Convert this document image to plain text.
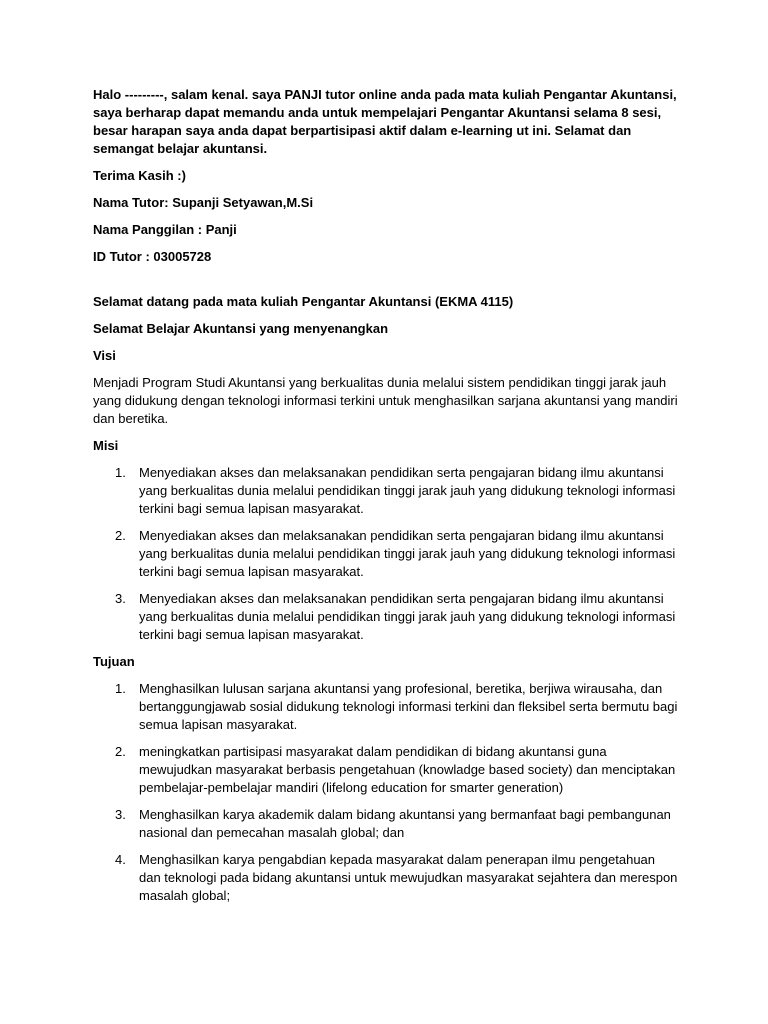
Halo ---------, salam kenal. saya PANJI tutor online anda pada mata kuliah Pengantar Akuntansi, saya berharap dapat memandu anda untuk mempelajari Pengantar Akuntansi selama 8 sesi, besar harapan saya anda dapat berpartisipasi aktif dalam e-learning ut ini. Selamat dan semangat belajar akuntansi.

Terima Kasih :)

Nama Tutor: Supanji Setyawan,M.Si

Nama Panggilan : Panji

ID Tutor : 03005728

Selamat datang pada mata kuliah Pengantar Akuntansi (EKMA 4115)

Selamat Belajar Akuntansi yang menyenangkan

Visi

Menjadi Program Studi Akuntansi yang berkualitas dunia melalui sistem pendidikan tinggi jarak jauh yang didukung dengan teknologi informasi terkini untuk menghasilkan sarjana akuntansi yang mandiri dan beretika.

Misi

1. Menyediakan akses dan melaksanakan pendidikan serta pengajaran bidang ilmu akuntansi yang berkualitas dunia melalui pendidikan tinggi jarak jauh yang didukung teknologi informasi terkini bagi semua lapisan masyarakat.
2. Menyediakan akses dan melaksanakan pendidikan serta pengajaran bidang ilmu akuntansi yang berkualitas dunia melalui pendidikan tinggi jarak jauh yang didukung teknologi informasi terkini bagi semua lapisan masyarakat.
3. Menyediakan akses dan melaksanakan pendidikan serta pengajaran bidang ilmu akuntansi yang berkualitas dunia melalui pendidikan tinggi jarak jauh yang didukung teknologi informasi terkini bagi semua lapisan masyarakat.

Tujuan

1. Menghasilkan lulusan sarjana akuntansi yang profesional, beretika, berjiwa wirausaha, dan bertanggungjawab sosial didukung teknologi informasi terkini dan fleksibel serta bermutu bagi semua lapisan masyarakat.
2. meningkatkan partisipasi masyarakat dalam pendidikan di bidang akuntansi guna mewujudkan masyarakat berbasis pengetahuan (knowladge based society) dan menciptakan pembelajar-pembelajar mandiri (lifelong education for smarter generation)
3. Menghasilkan karya akademik dalam bidang akuntansi yang bermanfaat bagi pembangunan nasional dan pemecahan masalah global; dan
4. Menghasilkan karya pengabdian kepada masyarakat dalam penerapan ilmu pengetahuan dan teknologi pada bidang akuntansi untuk mewujudkan masyarakat sejahtera dan merespon masalah global;
